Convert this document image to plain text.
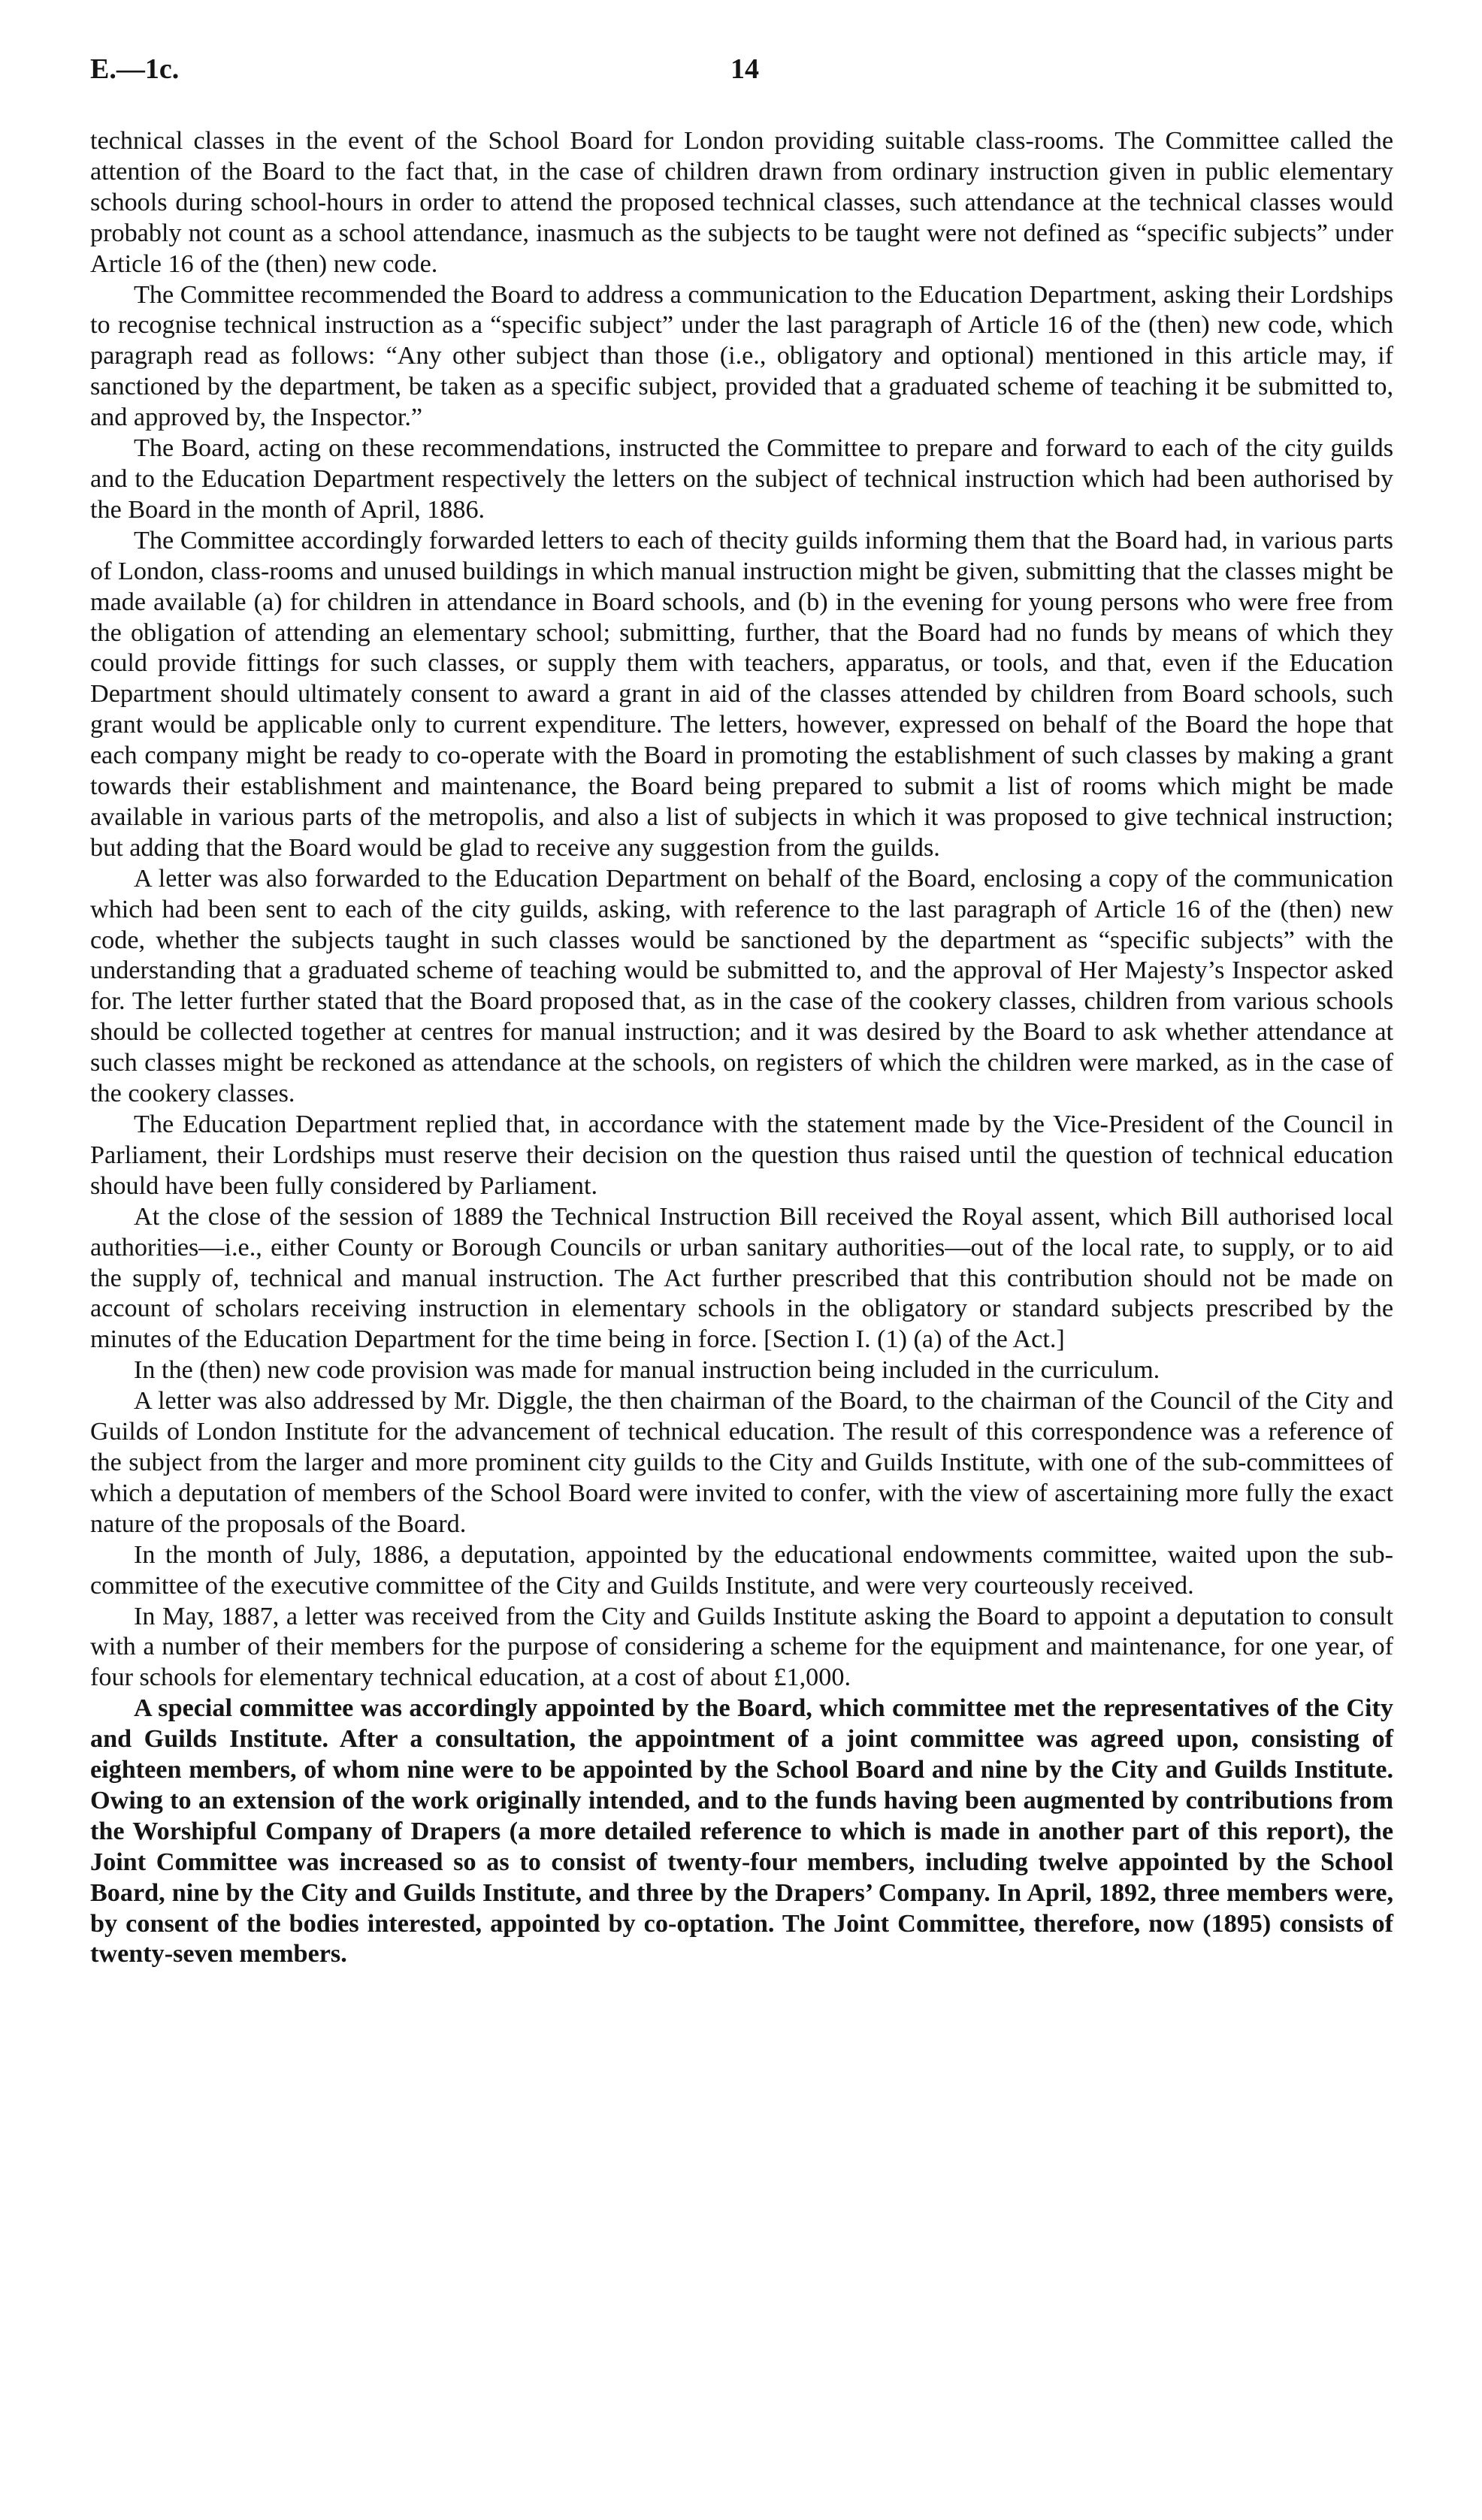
E.—1c.	14

technical classes in the event of the School Board for London providing suitable class-rooms. The Committee called the attention of the Board to the fact that, in the case of children drawn from ordinary instruction given in public elementary schools during school-hours in order to attend the proposed technical classes, such attendance at the technical classes would probably not count as a school attendance, inasmuch as the subjects to be taught were not defined as “specific subjects” under Article 16 of the (then) new code.

The Committee recommended the Board to address a communication to the Education Department, asking their Lordships to recognise technical instruction as a “specific subject” under the last paragraph of Article 16 of the (then) new code, which paragraph read as follows: “Any other subject than those (i.e., obligatory and optional) mentioned in this article may, if sanctioned by the department, be taken as a specific subject, provided that a graduated scheme of teaching it be submitted to, and approved by, the Inspector.”

The Board, acting on these recommendations, instructed the Committee to prepare and forward to each of the city guilds and to the Education Department respectively the letters on the subject of technical instruction which had been authorised by the Board in the month of April, 1886.

The Committee accordingly forwarded letters to each of thecity guilds informing them that the Board had, in various parts of London, class-rooms and unused buildings in which manual instruction might be given, submitting that the classes might be made available (a) for children in attendance in Board schools, and (b) in the evening for young persons who were free from the obligation of attending an elementary school; submitting, further, that the Board had no funds by means of which they could provide fittings for such classes, or supply them with teachers, apparatus, or tools, and that, even if the Education Department should ultimately consent to award a grant in aid of the classes attended by children from Board schools, such grant would be applicable only to current expenditure. The letters, however, expressed on behalf of the Board the hope that each company might be ready to co-operate with the Board in promoting the establishment of such classes by making a grant towards their establishment and maintenance, the Board being prepared to submit a list of rooms which might be made available in various parts of the metropolis, and also a list of subjects in which it was proposed to give technical instruction; but adding that the Board would be glad to receive any suggestion from the guilds.

A letter was also forwarded to the Education Department on behalf of the Board, enclosing a copy of the communication which had been sent to each of the city guilds, asking, with reference to the last paragraph of Article 16 of the (then) new code, whether the subjects taught in such classes would be sanctioned by the department as “specific subjects” with the understanding that a graduated scheme of teaching would be submitted to, and the approval of Her Majesty’s Inspector asked for. The letter further stated that the Board proposed that, as in the case of the cookery classes, children from various schools should be collected together at centres for manual instruction; and it was desired by the Board to ask whether attendance at such classes might be reckoned as attendance at the schools, on registers of which the children were marked, as in the case of the cookery classes.

The Education Department replied that, in accordance with the statement made by the Vice-President of the Council in Parliament, their Lordships must reserve their decision on the question thus raised until the question of technical education should have been fully considered by Parliament.

At the close of the session of 1889 the Technical Instruction Bill received the Royal assent, which Bill authorised local authorities—i.e., either County or Borough Councils or urban sanitary authorities—out of the local rate, to supply, or to aid the supply of, technical and manual instruction. The Act further prescribed that this contribution should not be made on account of scholars receiving instruction in elementary schools in the obligatory or standard subjects prescribed by the minutes of the Education Department for the time being in force. [Section I. (1) (a) of the Act.]

In the (then) new code provision was made for manual instruction being included in the curriculum.

A letter was also addressed by Mr. Diggle, the then chairman of the Board, to the chairman of the Council of the City and Guilds of London Institute for the advancement of technical education. The result of this correspondence was a reference of the subject from the larger and more prominent city guilds to the City and Guilds Institute, with one of the sub-committees of which a deputation of members of the School Board were invited to confer, with the view of ascertaining more fully the exact nature of the proposals of the Board.

In the month of July, 1886, a deputation, appointed by the educational endowments committee, waited upon the sub-committee of the executive committee of the City and Guilds Institute, and were very courteously received.

In May, 1887, a letter was received from the City and Guilds Institute asking the Board to appoint a deputation to consult with a number of their members for the purpose of considering a scheme for the equipment and maintenance, for one year, of four schools for elementary technical education, at a cost of about £1,000.

A special committee was accordingly appointed by the Board, which committee met the representatives of the City and Guilds Institute. After a consultation, the appointment of a joint committee was agreed upon, consisting of eighteen members, of whom nine were to be appointed by the School Board and nine by the City and Guilds Institute. Owing to an extension of the work originally intended, and to the funds having been augmented by contributions from the Worshipful Company of Drapers (a more detailed reference to which is made in another part of this report), the Joint Committee was increased so as to consist of twenty-four members, including twelve appointed by the School Board, nine by the City and Guilds Institute, and three by the Drapers’ Company. In April, 1892, three members were, by consent of the bodies interested, appointed by co-optation. The Joint Committee, therefore, now (1895) consists of twenty-seven members.
